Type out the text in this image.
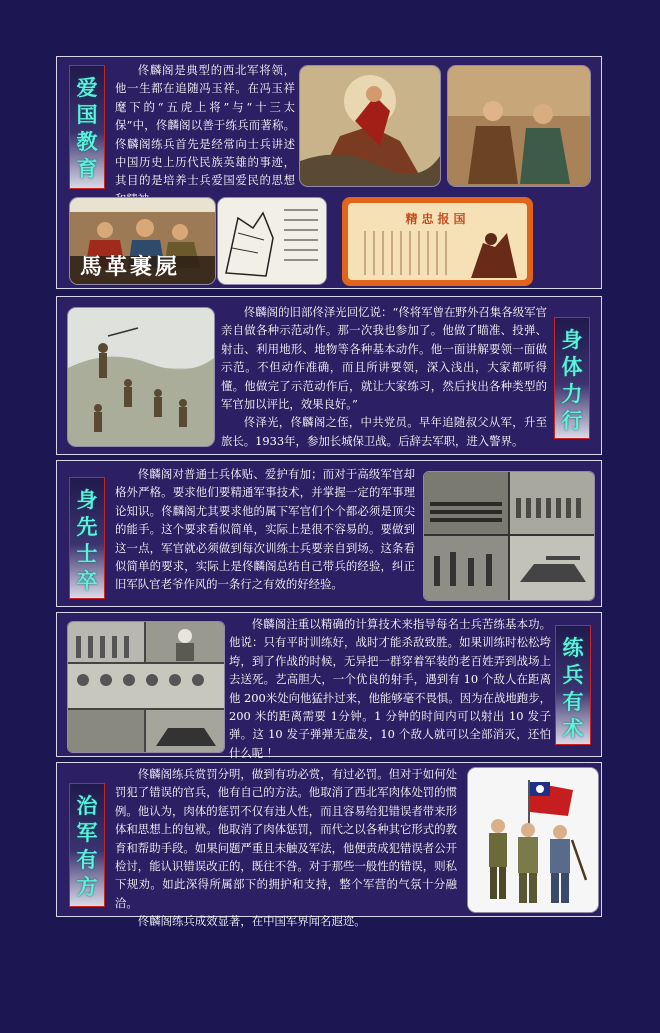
爱
国
教
育

佟麟阁是典型的西北军将领，他一生都在追随冯玉祥。在冯玉祥麾下的“五虎上将”与“十三太保”中，佟麟阁以善于练兵而著称。佟麟阁练兵首先是经常向士兵讲述中国历史上历代民族英雄的事迹，其目的是培养士兵爱国爱民的思想

馬革裹屍
精忠报国

佟麟阁的旧部佟泽光回忆说：“佟将军曾在野外召集各级军官亲自做各种示范动作。那一次我也参加了。他做了瞄准、投弹、射击、利用地形、地物等各种基本动作。他一面讲解要领一面做示范。不但动作准确，而且所讲要领，深入浅出，大家都听得懂。他做完了示范动作后，就让大家练习，然后找出各种类型的军官加以评比，效果良好。”

佟泽光，佟麟阁之侄，中共党员。早年追随叔父从军，升至旅长。1933年，参加长城保卫战。后辞去军职，进入警界。

身
体
力
行
身
先
士
卒

佟麟阁对普通士兵体贴、爱护有加；而对于高级军官却格外严格。要求他们要精通军事技术，并掌握一定的军事理论知识。佟麟阁尤其要求他的属下军官们个个都必须是顶尖的能手。这个要求看似简单，实际上是很不容易的。要做到这一点，军官就必须做到每次训练士兵要亲自到场。这条看似简单的要求，实际上是佟麟阁总结自己带兵的经验，纠正旧军队官老爷作风的一条行之有效的好经验。

佟麟阁注重以精确的计算技术来指导每名士兵苦练基本功。他说：只有平时训练好，战时才能杀敌致胜。如果训练时松松垮垮，到了作战的时候，无异把一群穿着军装的老百姓弄到战场上去送死。艺高胆大，一个优良的射手，遇到有 10 个敌人在距离他 200米处向他猛扑过来，他能够毫不畏惧。因为在战地跑步，200 米的距离需要 1分钟。1 分钟的时间内可以射出 10 发子弹。这 10 发子弹弹无虚发，10 个敌人就可以全部消灭，还怕什么呢 ！

练
兵
有
术
治
军
有
方

佟麟阁练兵赏罚分明，做到有功必赏，有过必罚。但对于如何处罚犯了错误的官兵，他有自己的方法。他取消了西北军肉体处罚的惯例。他认为，肉体的惩罚不仅有违人性，而且容易给犯错误者带来形体和思想上的包袱。他取消了肉体惩罚，而代之以各种其它形式的教育和帮助手段。如果问题严重且未触及军法，他便责成犯错误者公开检讨，能认识错误改正的，既往不咎。对于那些一般性的错误，则私下规劝。如此深得所属部下的拥护和支持，整个军营的气氛十分融洽。

佟麟阁练兵成效显著，在中国军界闻名遐迩。
